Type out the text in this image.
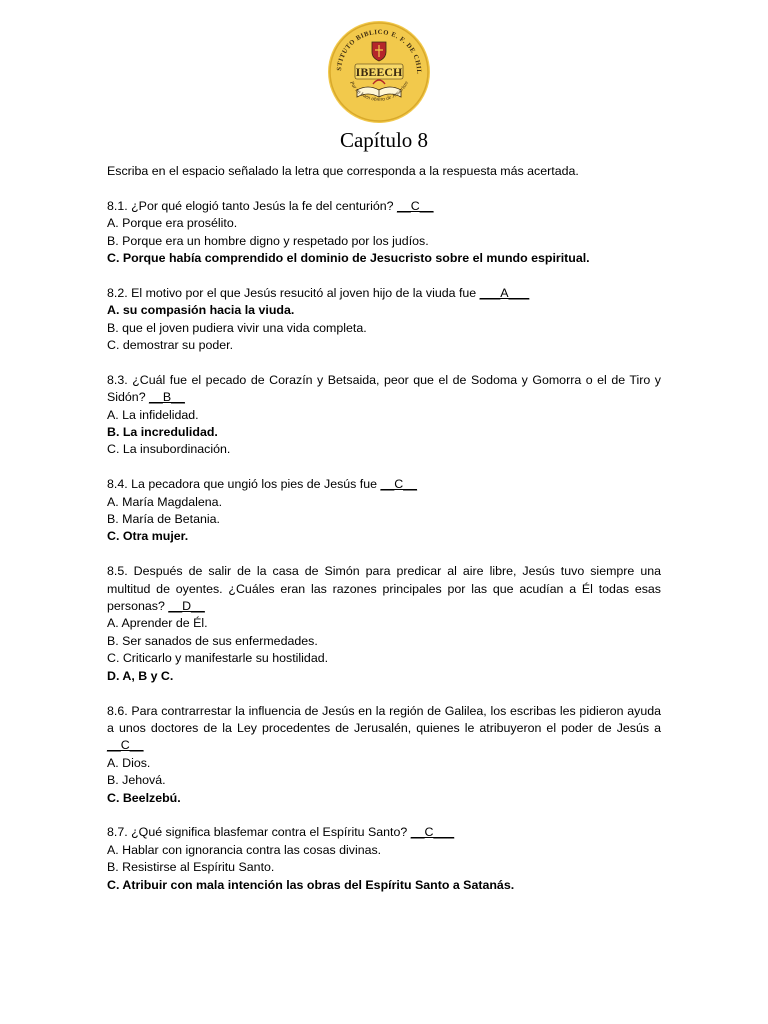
STITUTO BIBLICO E. F. DE CHIL
IBEECH
Por un buen obrero de Jesucristo
Capítulo 8

Escriba en el espacio señalado la letra que corresponda a la respuesta más acertada.

8.1. ¿Por qué elogió tanto Jesús la fe del centurión? __C__

A. Porque era prosélito.

B. Porque era un hombre digno y respetado por los judíos.

C. Porque había comprendido el dominio de Jesucristo sobre el mundo espiritual.

8.2. El motivo por el que Jesús resucitó al joven hijo de la viuda fue ___A___

A. su compasión hacia la viuda.

B. que el joven pudiera vivir una vida completa.

C. demostrar su poder.

8.3. ¿Cuál fue el pecado de Corazín y Betsaida, peor que el de Sodoma y Gomorra o el de Tiro y Sidón? __B__

A. La infidelidad.

B. La incredulidad.

C. La insubordinación.

8.4. La pecadora que ungió los pies de Jesús fue __C__

A. María Magdalena.

B. María de Betania.

C. Otra mujer.

8.5. Después de salir de la casa de Simón para predicar al aire libre, Jesús tuvo siempre una multitud de oyentes. ¿Cuáles eran las razones principales por las que acudían a Él todas esas personas? __D__

A. Aprender de Él.

B. Ser sanados de sus enfermedades.

C. Criticarlo y manifestarle su hostilidad.

D. A, B y C.

8.6. Para contrarrestar la influencia de Jesús en la región de Galilea, los escribas les pidieron ayuda a unos doctores de la Ley procedentes de Jerusalén, quienes le atribuyeron el poder de Jesús a __C__

A. Dios.

B. Jehová.

C. Beelzebú.

8.7. ¿Qué significa blasfemar contra el Espíritu Santo? __C___

A. Hablar con ignorancia contra las cosas divinas.

B. Resistirse al Espíritu Santo.

C. Atribuir con mala intención las obras del Espíritu Santo a Satanás.
